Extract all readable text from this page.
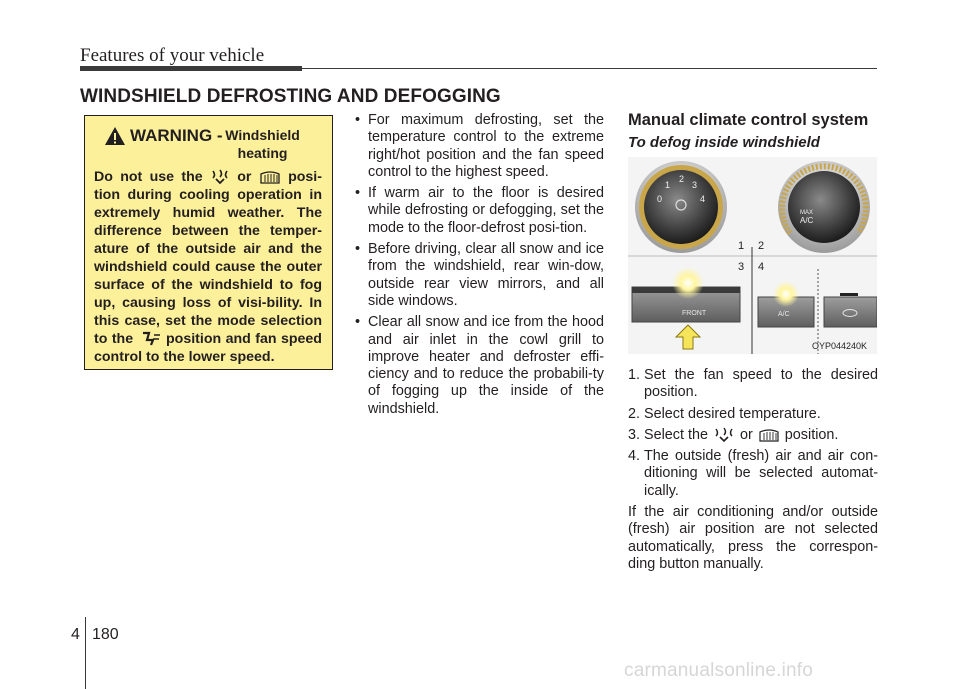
Features of your vehicle
WINDSHIELD DEFROSTING AND DEFOGGING
WARNING - Windshield heating
Do not use the or	posi-tion during cooling operation in extremely humid weather. The difference between the temper-ature of the outside air and the windshield could cause the outer surface of the windshield to fog up, causing loss of visi-bility. In this case, set the mode selection to the position and fan speed control to the lower speed.
• For maximum defrosting, set the temperature control to the extreme right/hot position and the fan speed control to the highest speed.
• If warm air to the floor is desired while defrosting or defogging, set the mode to the floor-defrost posi-tion.
• Before driving, clear all snow and ice from the windshield, rear win-dow, outside rear view mirrors, and all side windows.
• Clear all snow and ice from the hood and air inlet in the cowl grill to improve heater and defroster effi-ciency and to reduce the probabili-ty of fogging up the inside of the windshield.
Manual climate control system
To defog inside windshield
0
1
2
3
4
MAX
A/C
1 2
3 4
FRONT	A/C
OYP044240K
1. Set the fan speed to the desired position.
2. Select desired temperature.
3. Select the or position.
4. The outside (fresh) air and air con-ditioning will be selected automat-ically.
If the air conditioning and/or outside (fresh) air position are not selected automatically, press the correspon-ding button manually.
4 180
carmanualsonline.info
